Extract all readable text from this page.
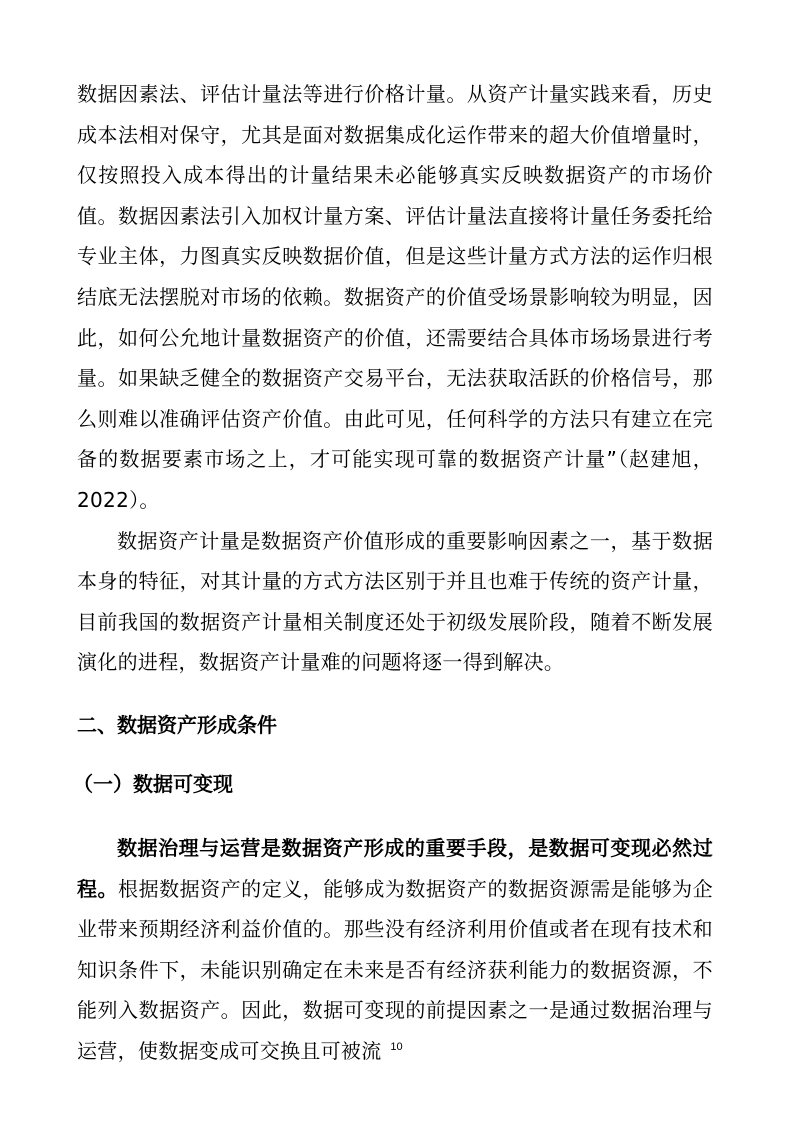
数据因素法、评估计量法等进行价格计量。从资产计量实践来看，历史成本法相对保守，尤其是面对数据集成化运作带来的超大价值增量时，仅按照投入成本得出的计量结果未必能够真实反映数据资产的市场价值。数据因素法引入加权计量方案、评估计量法直接将计量任务委托给专业主体，力图真实反映数据价值，但是这些计量方式方法的运作归根结底无法摆脱对市场的依赖。数据资产的价值受场景影响较为明显，因此，如何公允地计量数据资产的价值，还需要结合具体市场场景进行考量。如果缺乏健全的数据资产交易平台，无法获取活跃的价格信号，那么则难以准确评估资产价值。由此可见，任何科学的方法只有建立在完备的数据要素市场之上，才可能实现可靠的数据资产计量”（赵建旭，2022）。

数据资产计量是数据资产价值形成的重要影响因素之一，基于数据本身的特征，对其计量的方式方法区别于并且也难于传统的资产计量，目前我国的数据资产计量相关制度还处于初级发展阶段，随着不断发展演化的进程，数据资产计量难的问题将逐一得到解决。

二、数据资产形成条件
（一）数据可变现

数据治理与运营是数据资产形成的重要手段，是数据可变现必然过程。根据数据资产的定义，能够成为数据资产的数据资源需是能够为企业带来预期经济利益价值的。那些没有经济利用价值或者在现有技术和知识条件下，未能识别确定在未来是否有经济获利能力的数据资源，不能列入数据资产。因此，数据可变现的前提因素之一是通过数据治理与运营，使数据变成可交换且可被流 10
